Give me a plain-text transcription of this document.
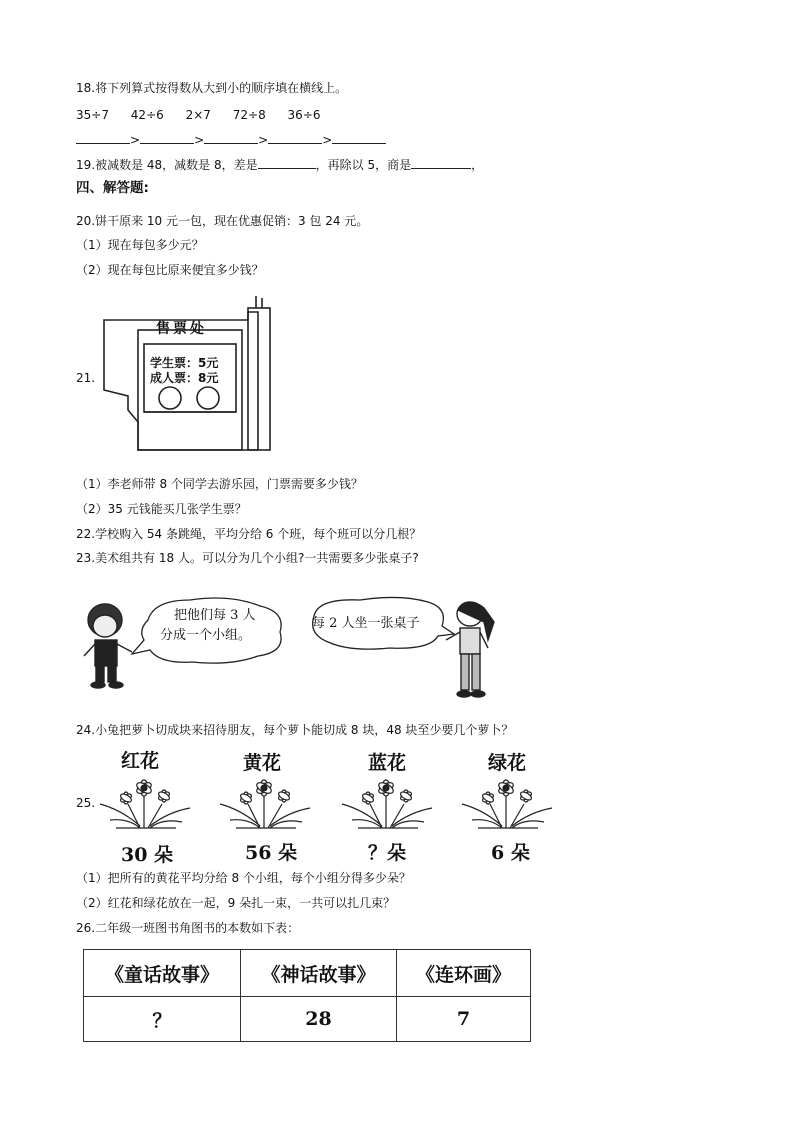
18.将下列算式按得数从大到小的顺序填在横线上。
35÷7 42÷6 2×7 72÷8 36÷6
>	>	>	>
19.被减数是 48，减数是 8，差是	，再除以 5，商是	，
四、解答题:
20.饼干原来 10 元一包，现在优惠促销：3 包 24 元。
（1）现在每包多少元？
（2）现在每包比原来便宜多少钱？
21.
售票处
学生票：5元
成人票：8元
（1）李老师带 8 个同学去游乐园，门票需要多少钱？
（2）35 元钱能买几张学生票？
22.学校购入 54 条跳绳，平均分给 6 个班，每个班可以分几根？
23.美术组共有 18 人。可以分为几个小组?一共需要多少张桌子?
把他们每 3 人
分成一个小组。
每 2 人坐一张桌子
24.小兔把萝卜切成块来招待朋友，每个萝卜能切成 8 块，48 块至少要几个萝卜？
25.
红花	黄花	蓝花	绿花
30 朵	56 朵	？朵	6 朵
（1）把所有的黄花平均分给 8 个小组，每个小组分得多少朵？
（2）红花和绿花放在一起，9 朵扎一束，一共可以扎几束？
26.二年级一班图书角图书的本数如下表：
《童话故事》	《神话故事》	《连环画》
？	28	7
